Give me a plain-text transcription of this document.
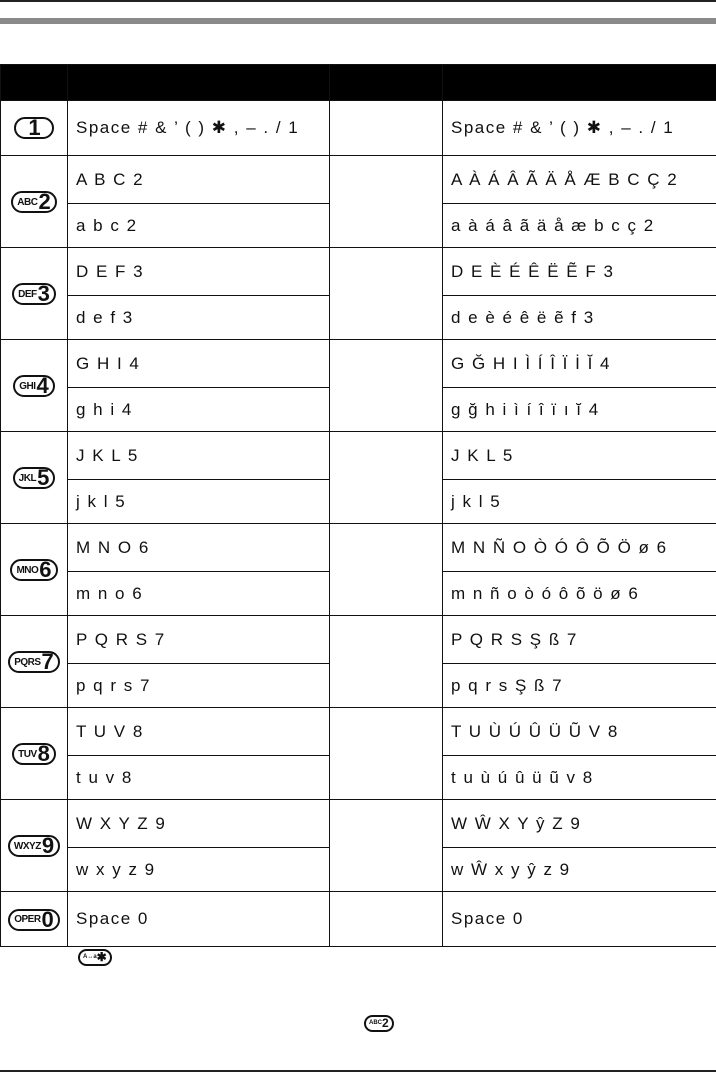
1	Space # & ’ ( ) ✱ , – . / 1		Space # & ’ ( ) ✱ , – . / 1

ABC 2	A B C 2		A À Á Â Ã Ä Å Æ B C Ç 2
	a b c 2		a à á â ã ä å æ b c ç 2

DEF 3	D E F 3		D E È É Ê Ë Ẽ F 3
	d e f 3		d e è é ê ë ẽ f 3

GHI 4	G H I 4		G Ğ H I Ì Í Î Ï İ Ĭ 4
	g h i 4		g ğ h i ì í î ï ı ĭ 4

JKL 5	J K L 5		J K L 5
	j k l 5		j k l 5

MNO 6	M N O 6		M N Ñ O Ò Ó Ô Õ Ö ø 6
	m n o 6		m n ñ o ò ó ô õ ö ø 6

PQRS 7	P Q R S 7		P Q R S Ş ß 7
	p q r s 7		p q r s Ş ß 7

TUV 8	T U V 8		T U Ù Ú Û Ü Ũ V 8
	t u v 8		t u ù ú û ü ũ v 8

WXYZ 9	W X Y Z 9		W Ŵ X Y ŷ Z 9
	w x y z 9		w Ŵ x y ŷ z 9

OPER 0	Space 0		Space 0
A↔a ✱
ABC 2
